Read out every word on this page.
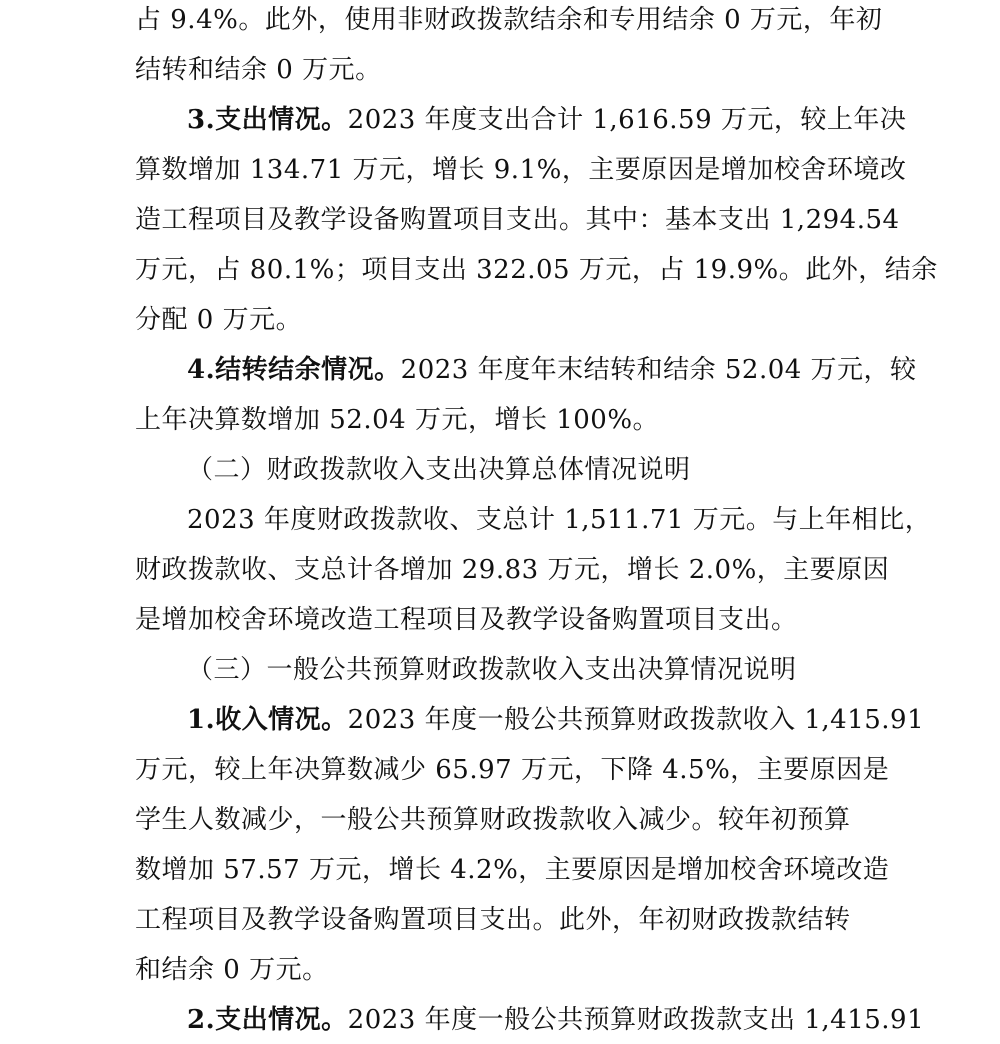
占 9.4%。此外，使用非财政拨款结余和专用结余 0 万元，年初
结转和结余 0 万元。
3.支出情况。2023 年度支出合计 1,616.59 万元，较上年决
算数增加 134.71 万元，增长 9.1%，主要原因是增加校舍环境改
造工程项目及教学设备购置项目支出。其中：基本支出 1,294.54
万元，占 80.1%；项目支出 322.05 万元，占 19.9%。此外，结余
分配 0 万元。
4.结转结余情况。2023 年度年末结转和结余 52.04 万元，较
上年决算数增加 52.04 万元，增长 100%。
（二）财政拨款收入支出决算总体情况说明
2023 年度财政拨款收、支总计 1,511.71 万元。与上年相比，
财政拨款收、支总计各增加 29.83 万元，增长 2.0%，主要原因
是增加校舍环境改造工程项目及教学设备购置项目支出。
（三）一般公共预算财政拨款收入支出决算情况说明
1.收入情况。2023 年度一般公共预算财政拨款收入 1,415.91
万元，较上年决算数减少 65.97 万元，下降 4.5%，主要原因是
学生人数减少，一般公共预算财政拨款收入减少。较年初预算
数增加 57.57 万元，增长 4.2%，主要原因是增加校舍环境改造
工程项目及教学设备购置项目支出。此外，年初财政拨款结转
和结余 0 万元。
2.支出情况。2023 年度一般公共预算财政拨款支出 1,415.91
